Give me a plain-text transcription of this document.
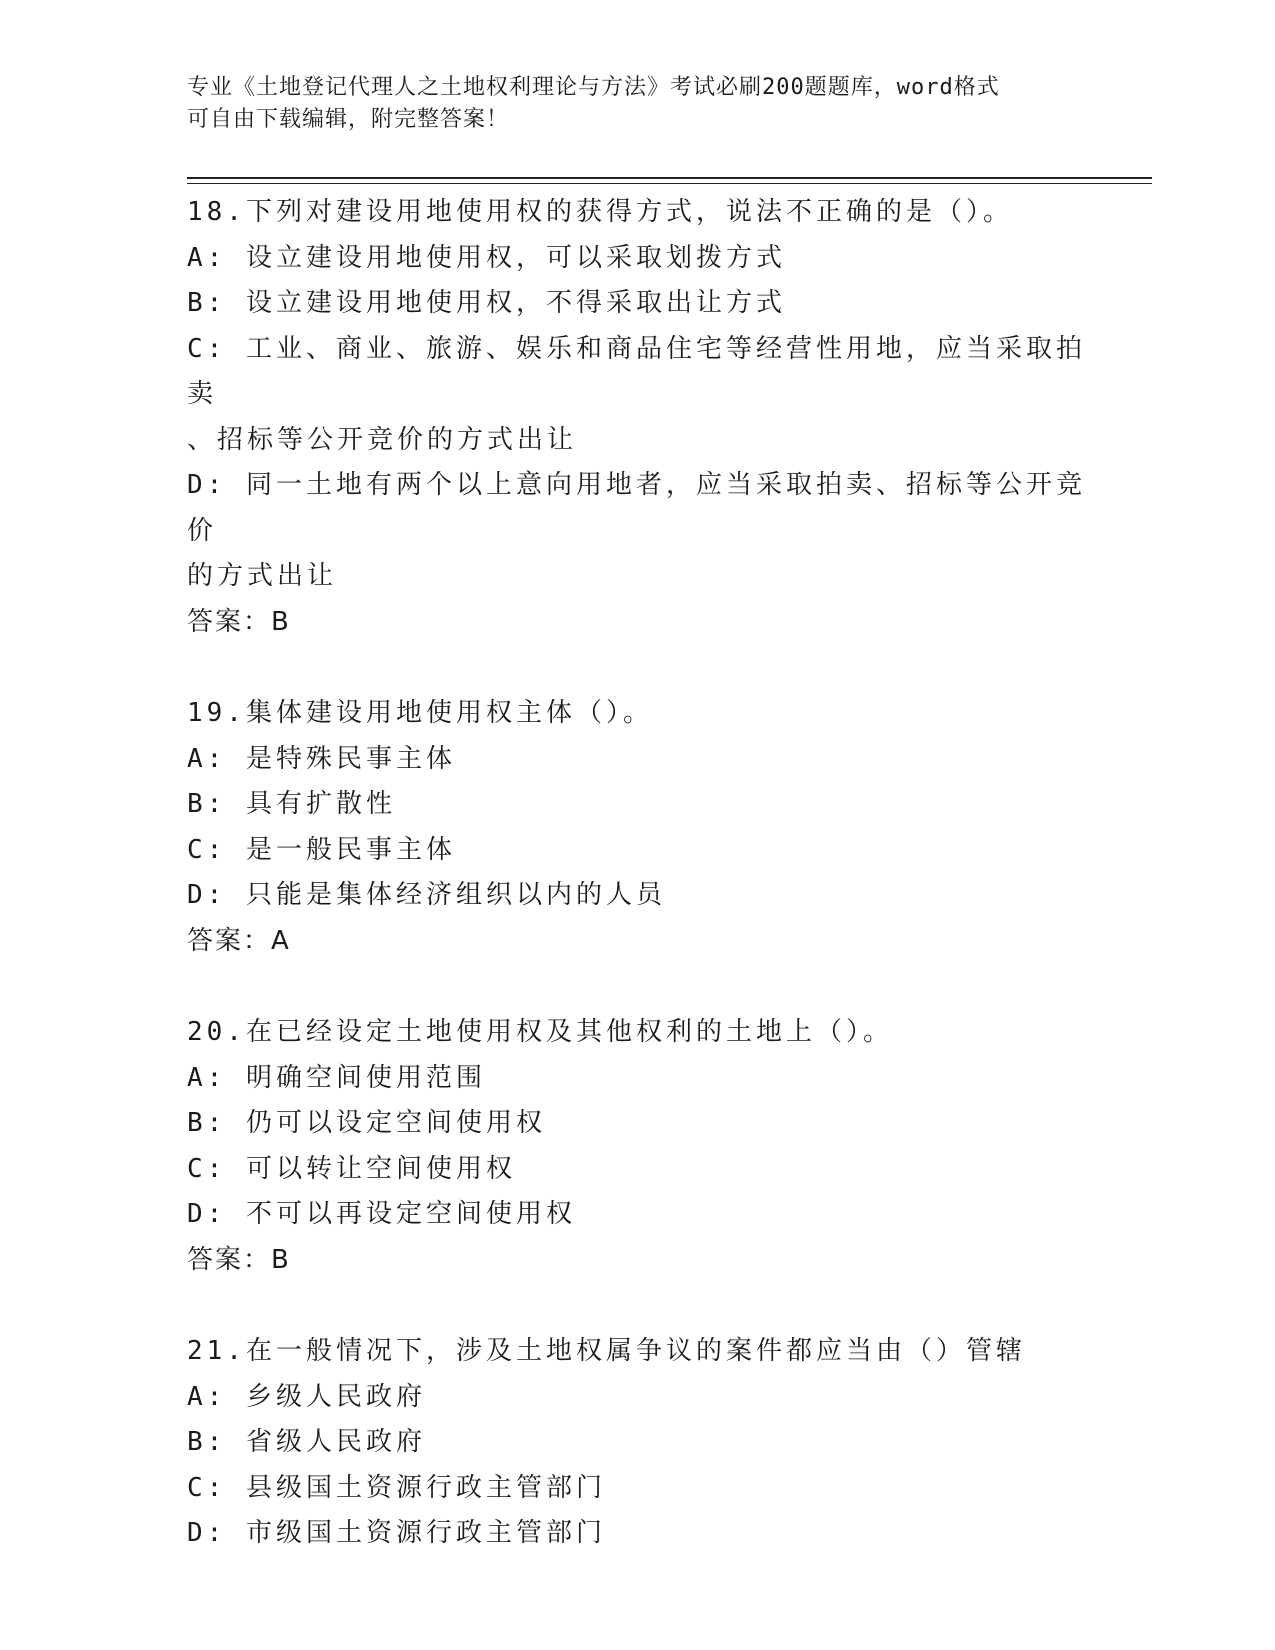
专业《土地登记代理人之土地权利理论与方法》考试必刷200题题库，word格式
可自由下载编辑，附完整答案！
18.下列对建设用地使用权的获得方式，说法不正确的是（）。
A: 设立建设用地使用权，可以采取划拨方式
B: 设立建设用地使用权，不得采取出让方式
C: 工业、商业、旅游、娱乐和商品住宅等经营性用地，应当采取拍卖
、招标等公开竞价的方式出让
D: 同一土地有两个以上意向用地者，应当采取拍卖、招标等公开竞价
的方式出让
答案：B
19.集体建设用地使用权主体（）。
A: 是特殊民事主体
B: 具有扩散性
C: 是一般民事主体
D: 只能是集体经济组织以内的人员
答案：A
20.在已经设定土地使用权及其他权利的土地上（）。
A: 明确空间使用范围
B: 仍可以设定空间使用权
C: 可以转让空间使用权
D: 不可以再设定空间使用权
答案：B
21.在一般情况下，涉及土地权属争议的案件都应当由（）管辖
A: 乡级人民政府
B: 省级人民政府
C: 县级国土资源行政主管部门
D: 市级国土资源行政主管部门
